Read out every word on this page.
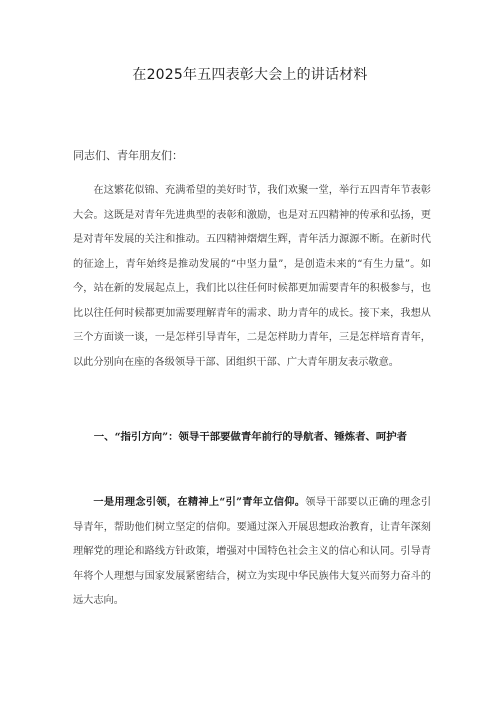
在2025年五四表彰大会上的讲话材料
同志们、青年朋友们：
在这繁花似锦、充满希望的美好时节，我们欢聚一堂，举行五四青年节表彰大会。这既是对青年先进典型的表彰和激励，也是对五四精神的传承和弘扬，更是对青年发展的关注和推动。五四精神熠熠生辉，青年活力源源不断。在新时代的征途上，青年始终是推动发展的“中坚力量”，是创造未来的“有生力量”。如今，站在新的发展起点上，我们比以往任何时候都更加需要青年的积极参与，也比以往任何时候都更加需要理解青年的需求、助力青年的成长。接下来，我想从三个方面谈一谈，一是怎样引导青年，二是怎样助力青年，三是怎样培育青年，以此分别向在座的各级领导干部、团组织干部、广大青年朋友表示敬意。
一、“指引方向”：领导干部要做青年前行的导航者、锤炼者、呵护者
一是用理念引领，在精神上“引”青年立信仰。领导干部要以正确的理念引导青年，帮助他们树立坚定的信仰。要通过深入开展思想政治教育，让青年深刻理解党的理论和路线方针政策，增强对中国特色社会主义的信心和认同。引导青年将个人理想与国家发展紧密结合，树立为实现中华民族伟大复兴而努力奋斗的远大志向。
